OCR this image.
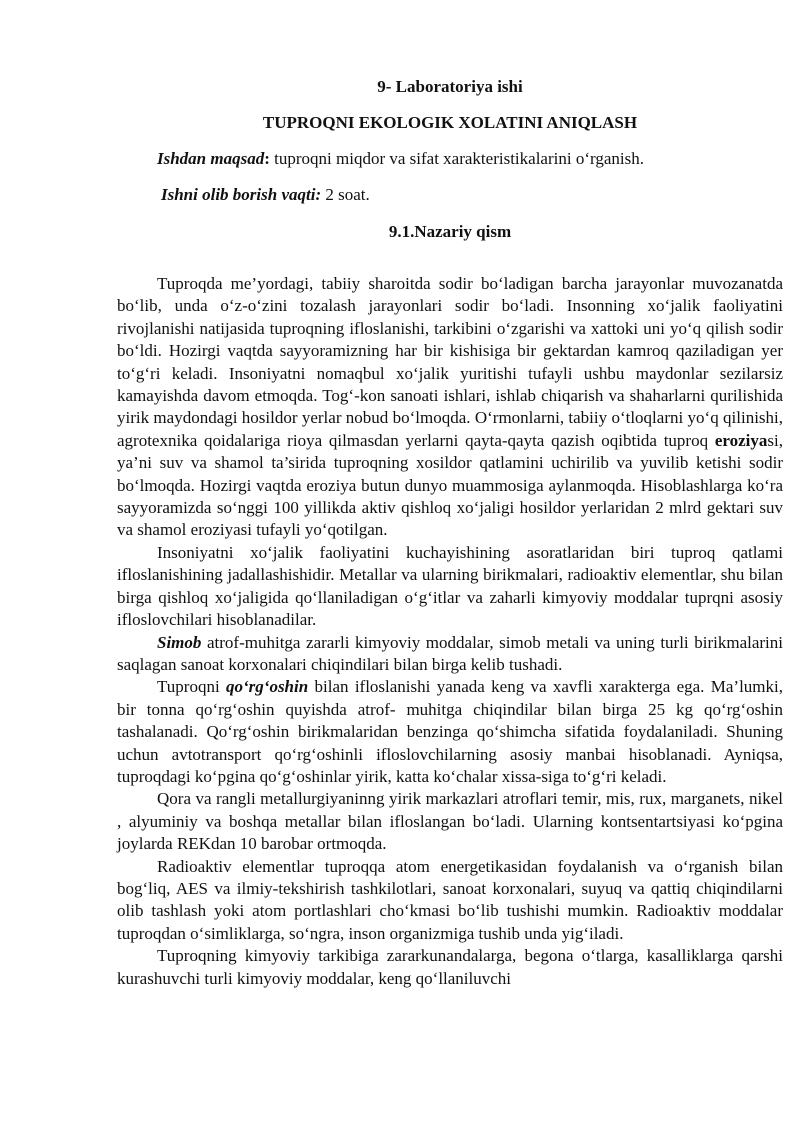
9- Laboratoriya ishi
TUPROQNI EKOLOGIK XOLATINI ANIQLASH
Ishdan maqsad: tuproqni miqdor va sifat xarakteristikalarini o‘rganish.
Ishni olib borish vaqti: 2 soat.
9.1.Nazariy qism

Tuproqda me’yordagi, tabiiy sharoitda sodir bo‘ladigan barcha jarayonlar muvozanatda bo‘lib, unda o‘z-o‘zini tozalash jarayonlari sodir bo‘ladi. Insonning xo‘jalik faoliyatini rivojlanishi natijasida tuproqning ifloslanishi, tarkibini o‘zgarishi va xattoki uni yo‘q qilish sodir bo‘ldi. Hozirgi vaqtda sayyoramizning har bir kishisiga bir gektardan kamroq qaziladigan yer to‘g‘ri keladi. Insoniyatni nomaqbul xo‘jalik yuritishi tufayli ushbu maydonlar sezilarsiz kamayishda davom etmoqda. Tog‘-kon sanoati ishlari, ishlab chiqarish va shaharlarni qurilishida yirik maydondagi hosildor yerlar nobud bo‘lmoqda. O‘rmonlarni, tabiiy o‘tloqlarni yo‘q qilinishi, agrotexnika qoidalariga rioya qilmasdan yerlarni qayta-qayta qazish oqibtida tuproq eroziyasi, ya’ni suv va shamol ta’sirida tuproqning xosildor qatlamini uchirilib va yuvilib ketishi sodir bo‘lmoqda. Hozirgi vaqtda eroziya butun dunyo muammosiga aylanmoqda. Hisoblashlarga ko‘ra sayyoramizda so‘nggi 100 yillikda aktiv qishloq xo‘jaligi hosildor yerlaridan 2 mlrd gektari suv va shamol eroziyasi tufayli yo‘qotilgan.

Insoniyatni xo‘jalik faoliyatini kuchayishining asoratlaridan biri tuproq qatlami ifloslanishining jadallashishidir. Metallar va ularning birikmalari, radioaktiv elementlar, shu bilan birga qishloq xo‘jaligida qo‘llaniladigan o‘g‘itlar va zaharli kimyoviy moddalar tuprqni asosiy ifloslovchilari hisoblanadilar.

Simob atrof-muhitga zararli kimyoviy moddalar, simob metali va uning turli birikmalarini saqlagan sanoat korxonalari chiqindilari bilan birga kelib tushadi.

Tuproqni qo‘rg‘oshin bilan ifloslanishi yanada keng va xavfli xarakterga ega. Ma’lumki, bir tonna qo‘rg‘oshin quyishda atrof- muhitga chiqindilar bilan birga 25 kg qo‘rg‘oshin tashalanadi. Qo‘rg‘oshin birikmalaridan benzinga qo‘shimcha sifatida foydalaniladi. Shuning uchun avtotransport qo‘rg‘oshinli ifloslovchilarning asosiy manbai hisoblanadi. Ayniqsa, tuproqdagi ko‘pgina qo‘g‘oshinlar yirik, katta ko‘chalar xissa-siga to‘g‘ri keladi.

Qora va rangli metallurgiyaninng yirik markazlari atroflari temir, mis, rux, marganets, nikel , alyuminiy va boshqa metallar bilan ifloslangan bo‘ladi. Ularning kontsentartsiyasi ko‘pgina joylarda REKdan 10 barobar ortmoqda.

Radioaktiv elementlar tuproqqa atom energetikasidan foydalanish va o‘rganish bilan bog‘liq, AES va ilmiy-tekshirish tashkilotlari, sanoat korxonalari, suyuq va qattiq chiqindilarni olib tashlash yoki atom portlashlari cho‘kmasi bo‘lib tushishi mumkin. Radioaktiv moddalar tuproqdan o‘simliklarga, so‘ngra, inson organizmiga tushib unda yig‘iladi.

Tuproqning kimyoviy tarkibiga zararkunandalarga, begona o‘tlarga, kasalliklarga qarshi kurashuvchi turli kimyoviy moddalar, keng qo‘llaniluvchi
